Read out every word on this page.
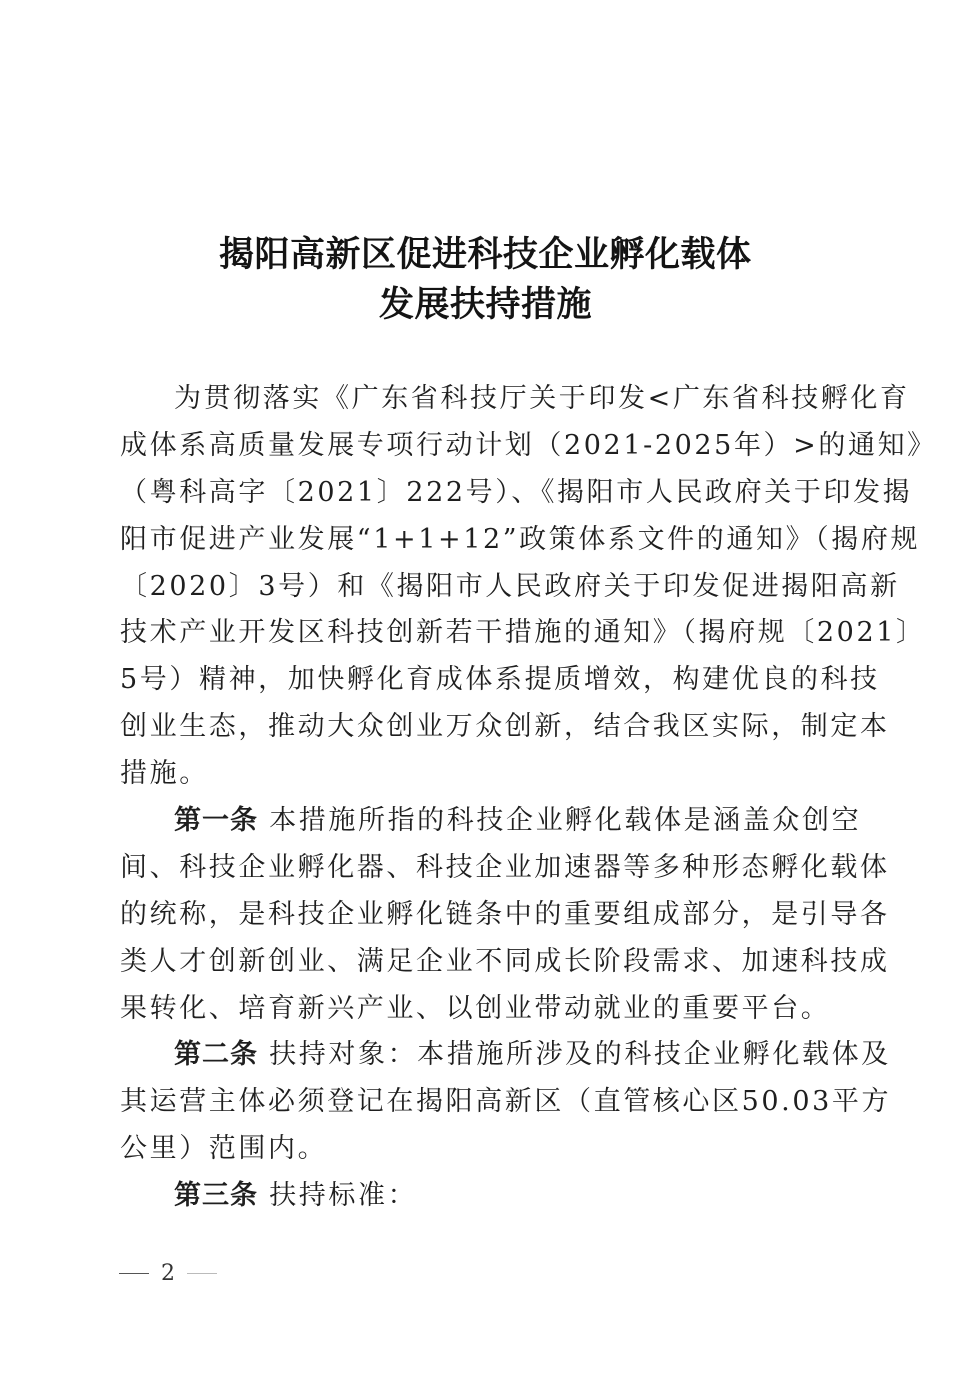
揭阳高新区促进科技企业孵化载体
发展扶持措施
为贯彻落实《广东省科技厅关于印发<广东省科技孵化育
成体系高质量发展专项行动计划（2021-2025年）>的通知》
（粤科高字〔2021〕222号）、《揭阳市人民政府关于印发揭
阳市促进产业发展“1+1+12”政策体系文件的通知》（揭府规
〔2020〕3号）和《揭阳市人民政府关于印发促进揭阳高新
技术产业开发区科技创新若干措施的通知》（揭府规〔2021〕
5号）精神，加快孵化育成体系提质增效，构建优良的科技
创业生态，推动大众创业万众创新，结合我区实际，制定本
措施。
第一条 本措施所指的科技企业孵化载体是涵盖众创空
间、科技企业孵化器、科技企业加速器等多种形态孵化载体
的统称，是科技企业孵化链条中的重要组成部分，是引导各
类人才创新创业、满足企业不同成长阶段需求、加速科技成
果转化、培育新兴产业、以创业带动就业的重要平台。
第二条 扶持对象：本措施所涉及的科技企业孵化载体及
其运营主体必须登记在揭阳高新区（直管核心区50.03平方
公里）范围内。
第三条 扶持标准：
2
